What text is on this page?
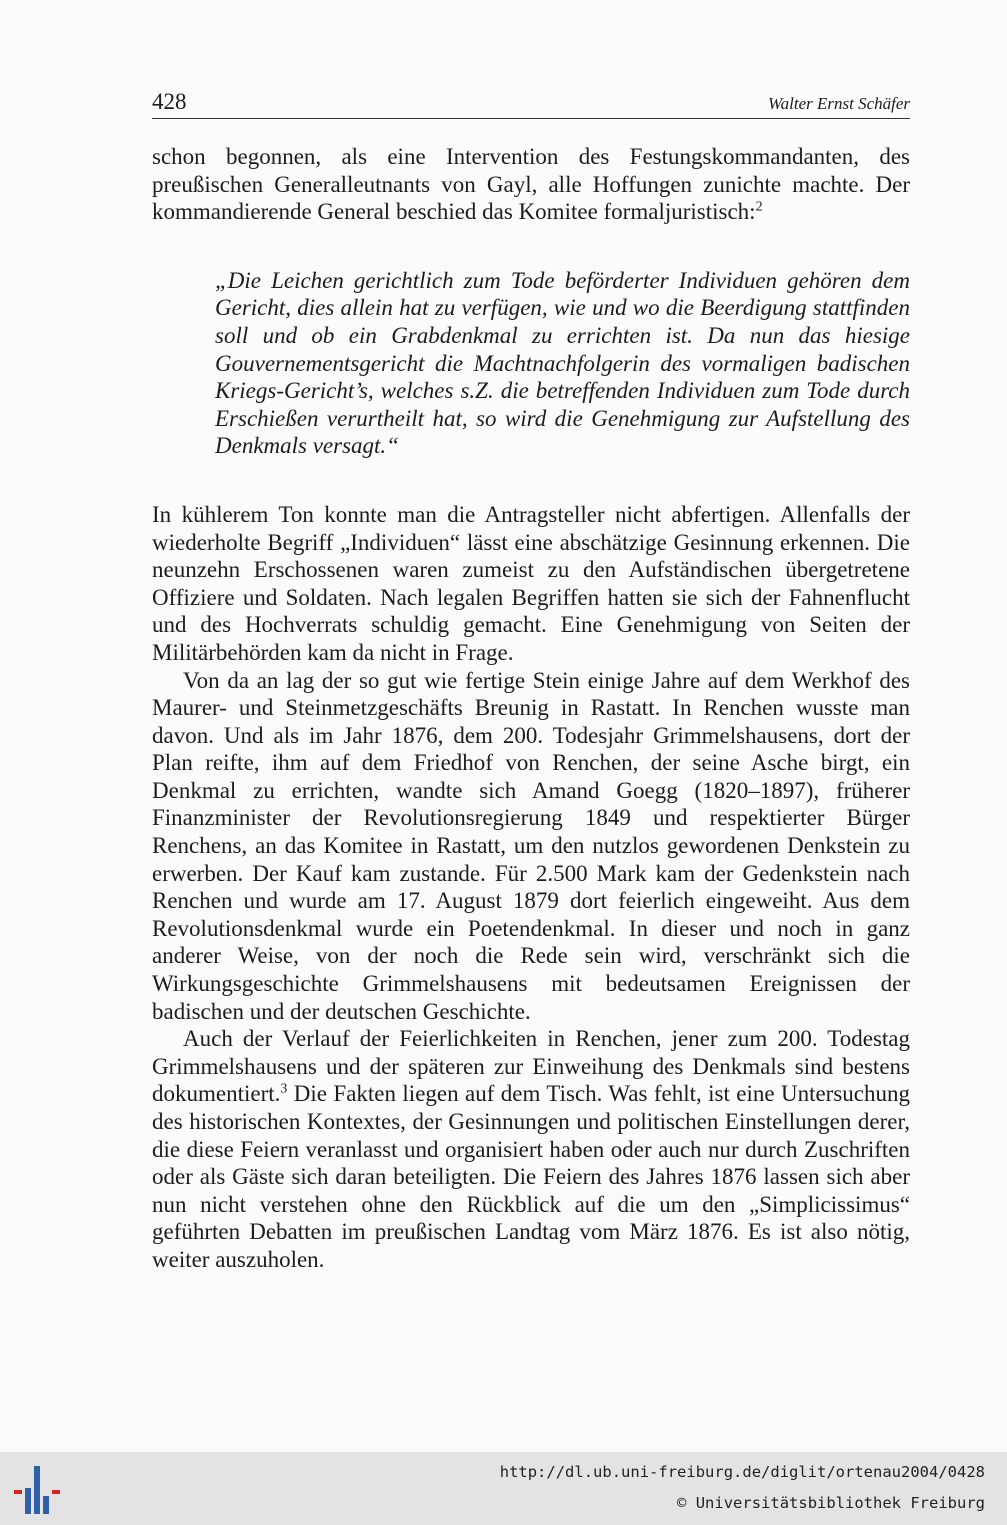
428	Walter Ernst Schäfer

schon begonnen, als eine Intervention des Festungskommandanten, des preußischen Generalleutnants von Gayl, alle Hoffungen zunichte machte. Der kommandierende General beschied das Komitee formaljuristisch:$^2$

„Die Leichen gerichtlich zum Tode beförderter Individuen gehören dem Gericht, dies allein hat zu verfügen, wie und wo die Beerdigung stattfinden soll und ob ein Grabdenkmal zu errichten ist. Da nun das hiesige Gouvernementsgericht die Machtnachfolgerin des vormaligen badischen Kriegs-Gericht’s, welches s.Z. die betreffenden Individuen zum Tode durch Erschießen verurtheilt hat, so wird die Genehmigung zur Aufstellung des Denkmals versagt.“

In kühlerem Ton konnte man die Antragsteller nicht abfertigen. Allenfalls der wiederholte Begriff „Individuen“ lässt eine abschätzige Gesinnung erkennen. Die neunzehn Erschossenen waren zumeist zu den Aufständischen übergetretene Offiziere und Soldaten. Nach legalen Begriffen hatten sie sich der Fahnenflucht und des Hochverrats schuldig gemacht. Eine Genehmigung von Seiten der Militärbehörden kam da nicht in Frage.

Von da an lag der so gut wie fertige Stein einige Jahre auf dem Werkhof des Maurer- und Steinmetzgeschäfts Breunig in Rastatt. In Renchen wusste man davon. Und als im Jahr 1876, dem 200. Todesjahr Grimmelshausens, dort der Plan reifte, ihm auf dem Friedhof von Renchen, der seine Asche birgt, ein Denkmal zu errichten, wandte sich Amand Goegg (1820–1897), früherer Finanzminister der Revolutionsregierung 1849 und respektierter Bürger Renchens, an das Komitee in Rastatt, um den nutzlos gewordenen Denkstein zu erwerben. Der Kauf kam zustande. Für 2.500 Mark kam der Gedenkstein nach Renchen und wurde am 17. August 1879 dort feierlich eingeweiht. Aus dem Revolutionsdenkmal wurde ein Poetendenkmal. In dieser und noch in ganz anderer Weise, von der noch die Rede sein wird, verschränkt sich die Wirkungsgeschichte Grimmelshausens mit bedeutsamen Ereignissen der badischen und der deutschen Geschichte.

Auch der Verlauf der Feierlichkeiten in Renchen, jener zum 200. Todestag Grimmelshausens und der späteren zur Einweihung des Denkmals sind bestens dokumentiert.$^3$ Die Fakten liegen auf dem Tisch. Was fehlt, ist eine Untersuchung des historischen Kontextes, der Gesinnungen und politischen Einstellungen derer, die diese Feiern veranlasst und organisiert haben oder auch nur durch Zuschriften oder als Gäste sich daran beteiligten. Die Feiern des Jahres 1876 lassen sich aber nun nicht verstehen ohne den Rückblick auf die um den „Simplicissimus“ geführten Debatten im preußischen Landtag vom März 1876. Es ist also nötig, weiter auszuholen.

http://dl.ub.uni-freiburg.de/diglit/ortenau2004/0428
© Universitätsbibliothek Freiburg
